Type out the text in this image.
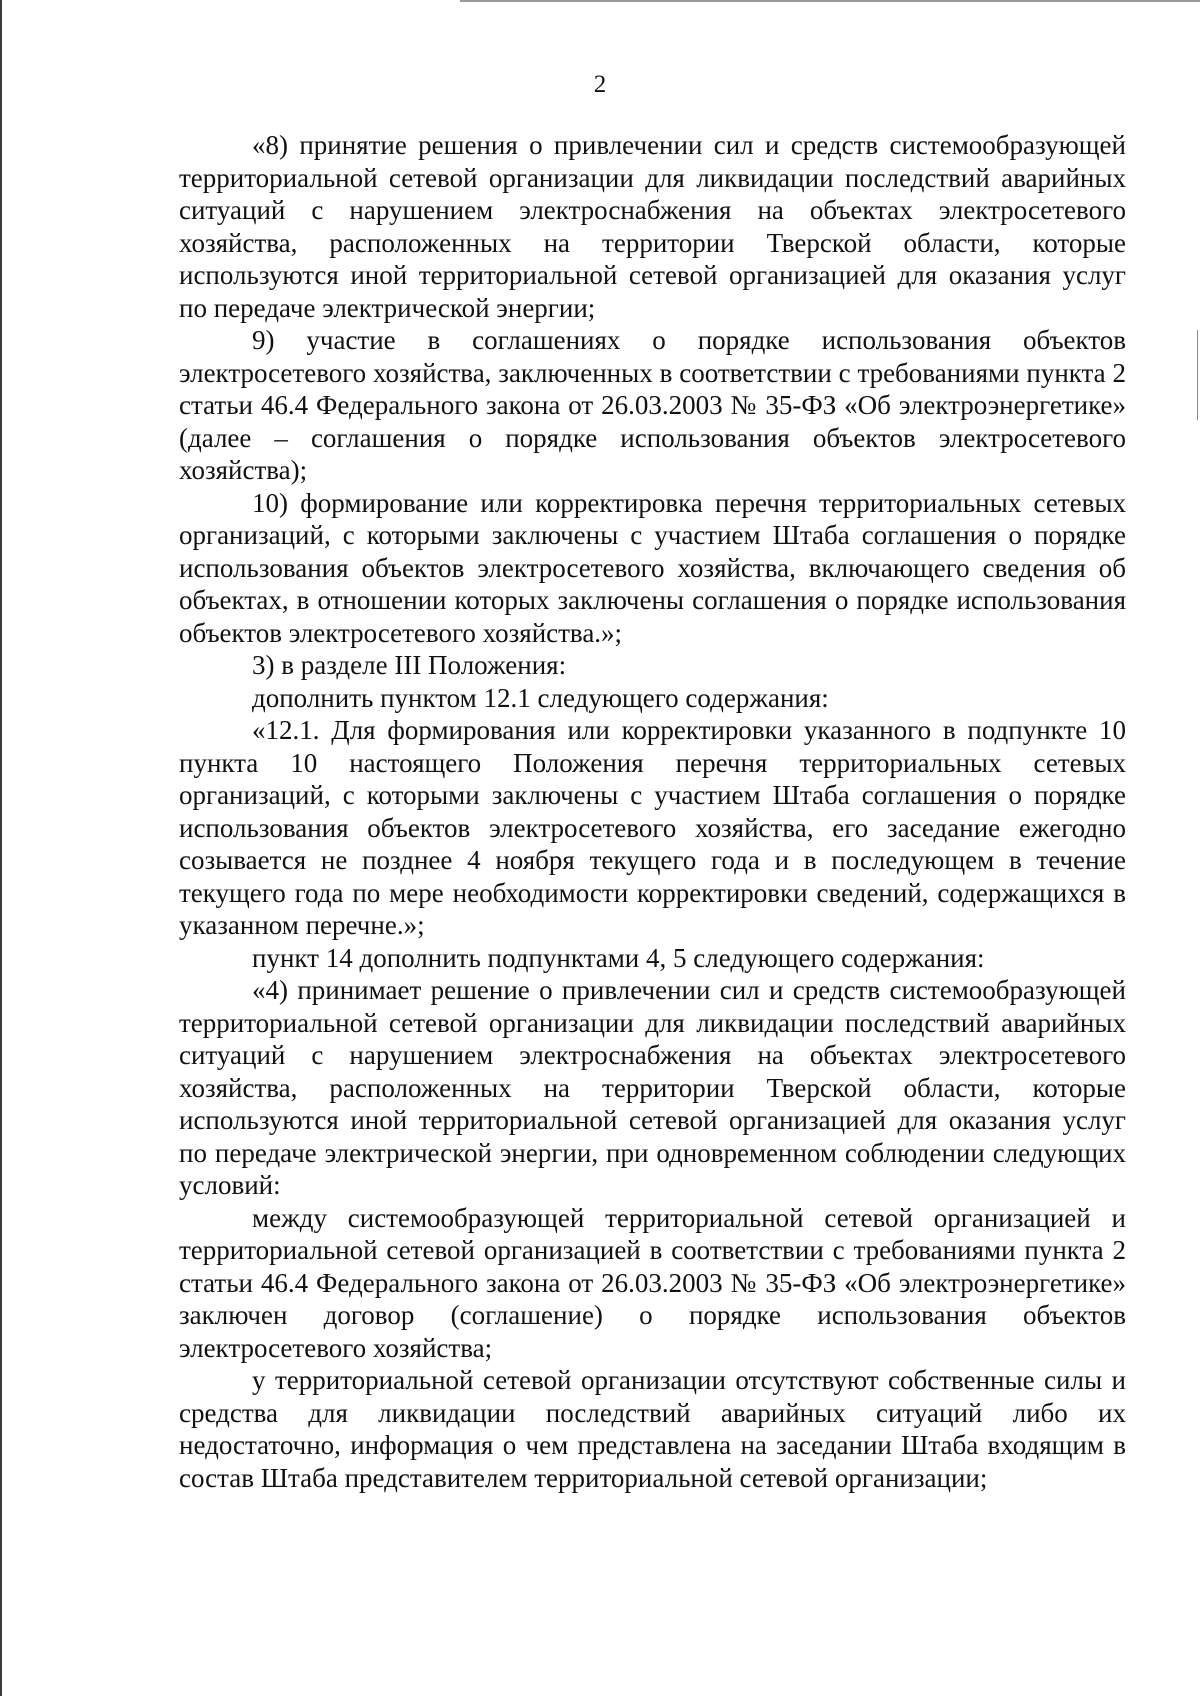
2

«8) принятие решения о привлечении сил и средств системообразующей территориальной сетевой организации для ликвидации последствий аварийных ситуаций с нарушением электроснабжения на объектах электросетевого хозяйства, расположенных на территории Тверской области, которые используются иной территориальной сетевой организацией для оказания услуг по передаче электрической энергии;

9) участие в соглашениях о порядке использования объектов электросетевого хозяйства, заключенных в соответствии с требованиями пункта 2 статьи 46.4 Федерального закона от 26.03.2003 № 35-ФЗ «Об электроэнергетике» (далее – соглашения о порядке использования объектов электросетевого хозяйства);

10) формирование или корректировка перечня территориальных сетевых организаций, с которыми заключены с участием Штаба соглашения о порядке использования объектов электросетевого хозяйства, включающего сведения об объектах, в отношении которых заключены соглашения о порядке использования объектов электросетевого хозяйства.»;

3) в разделе III Положения:

дополнить пунктом 12.1 следующего содержания:

«12.1. Для формирования или корректировки указанного в подпункте 10 пункта 10 настоящего Положения перечня территориальных сетевых организаций, с которыми заключены с участием Штаба соглашения о порядке использования объектов электросетевого хозяйства, его заседание ежегодно созывается не позднее 4 ноября текущего года и в последующем в течение текущего года по мере необходимости корректировки сведений, содержащихся в указанном перечне.»;

пункт 14 дополнить подпунктами 4, 5 следующего содержания:

«4) принимает решение о привлечении сил и средств системообразующей территориальной сетевой организации для ликвидации последствий аварийных ситуаций с нарушением электроснабжения на объектах электросетевого хозяйства, расположенных на территории Тверской области, которые используются иной территориальной сетевой организацией для оказания услуг по передаче электрической энергии, при одновременном соблюдении следующих условий:

между системообразующей территориальной сетевой организацией и территориальной сетевой организацией в соответствии с требованиями пункта 2 статьи 46.4 Федерального закона от 26.03.2003 № 35-ФЗ «Об электроэнергетике» заключен договор (соглашение) о порядке использования объектов электросетевого хозяйства;

у территориальной сетевой организации отсутствуют собственные силы и средства для ликвидации последствий аварийных ситуаций либо их недостаточно, информация о чем представлена на заседании Штаба входящим в состав Штаба представителем территориальной сетевой организации;
